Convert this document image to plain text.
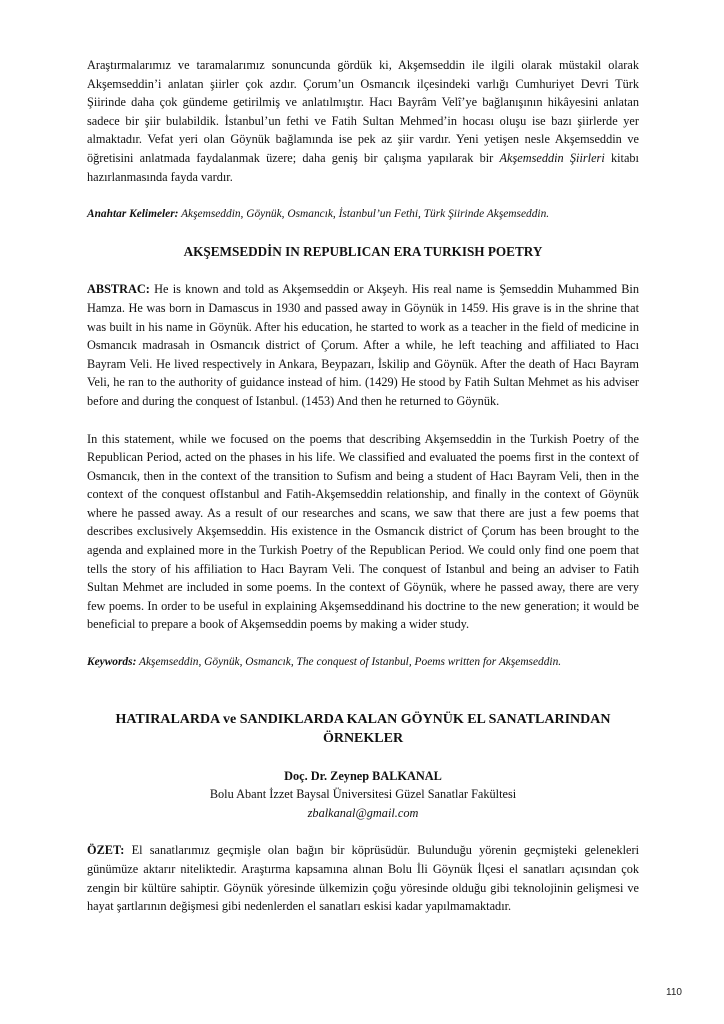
Araştırmalarımız ve taramalarımız sonuncunda gördük ki, Akşemseddin ile ilgili olarak müstakil olarak Akşemseddin’i anlatan şiirler çok azdır. Çorum’un Osmancık ilçesindeki varlığı Cumhuriyet Devri Türk Şiirinde daha çok gündeme getirilmiş ve anlatılmıştır. Hacı Bayrâm Velî’ye bağlanışının hikâyesini anlatan sadece bir şiir bulabildik. İstanbul’un fethi ve Fatih Sultan Mehmed’in hocası oluşu ise bazı şiirlerde yer almaktadır. Vefat yeri olan Göynük bağlamında ise pek az şiir vardır. Yeni yetişen nesle Akşemseddin ve öğretisini anlatmada faydalanmak üzere; daha geniş bir çalışma yapılarak bir Akşemseddin Şiirleri kitabı hazırlanmasında fayda vardır.

Anahtar Kelimeler: Akşemseddin, Göynük, Osmancık, İstanbul’un Fethi, Türk Şiirinde Akşemseddin.

AKŞEMSEDDİN IN REPUBLICAN ERA TURKISH POETRY

ABSTRAC: He is known and told as Akşemseddin or Akşeyh. His real name is Şemseddin Muhammed Bin Hamza. He was born in Damascus in 1930 and passed away in Göynük in 1459. His grave is in the shrine that was built in his name in Göynük. After his education, he started to work as a teacher in the field of medicine in Osmancık madrasah in Osmancık district of Çorum. After a while, he left teaching and affiliated to Hacı Bayram Veli. He lived respectively in Ankara, Beypazarı, İskilip and Göynük. After the death of Hacı Bayram Veli, he ran to the authority of guidance instead of him. (1429) He stood by Fatih Sultan Mehmet as his adviser before and during the conquest of Istanbul. (1453) And then he returned to Göynük.

In this statement, while we focused on the poems that describing Akşemseddin in the Turkish Poetry of the Republican Period, acted on the phases in his life. We classified and evaluated the poems first in the context of Osmancık, then in the context of the transition to Sufism and being a student of Hacı Bayram Veli, then in the context of the conquest ofIstanbul and Fatih-Akşemseddin relationship, and finally in the context of Göynük where he passed away. As a result of our researches and scans, we saw that there are just a few poems that describes exclusively Akşemseddin. His existence in the Osmancık district of Çorum has been brought to the agenda and explained more in the Turkish Poetry of the Republican Period. We could only find one poem that tells the story of his affiliation to Hacı Bayram Veli. The conquest of Istanbul and being an adviser to Fatih Sultan Mehmet are included in some poems. In the context of Göynük, where he passed away, there are very few poems. In order to be useful in explaining Akşemseddinand his doctrine to the new generation; it would be beneficial to prepare a book of Akşemseddin poems by making a wider study.

Keywords: Akşemseddin, Göynük, Osmancık, The conquest of Istanbul, Poems written for Akşemseddin.

HATIRALARDA ve SANDIKLARDA KALAN GÖYNÜK EL SANATLARINDAN
ÖRNEKLER
Doç. Dr. Zeynep BALKANAL
Bolu Abant İzzet Baysal Üniversitesi Güzel Sanatlar Fakültesi
zbalkanal@gmail.com

ÖZET: El sanatlarımız geçmişle olan bağın bir köprüsüdür. Bulunduğu yörenin geçmişteki gelenekleri günümüze aktarır niteliktedir. Araştırma kapsamına alınan Bolu İli Göynük İlçesi el sanatları açısından çok zengin bir kültüre sahiptir. Göynük yöresinde ülkemizin çoğu yöresinde olduğu gibi teknolojinin gelişmesi ve hayat şartlarının değişmesi gibi nedenlerden el sanatları eskisi kadar yapılmamaktadır.

110
